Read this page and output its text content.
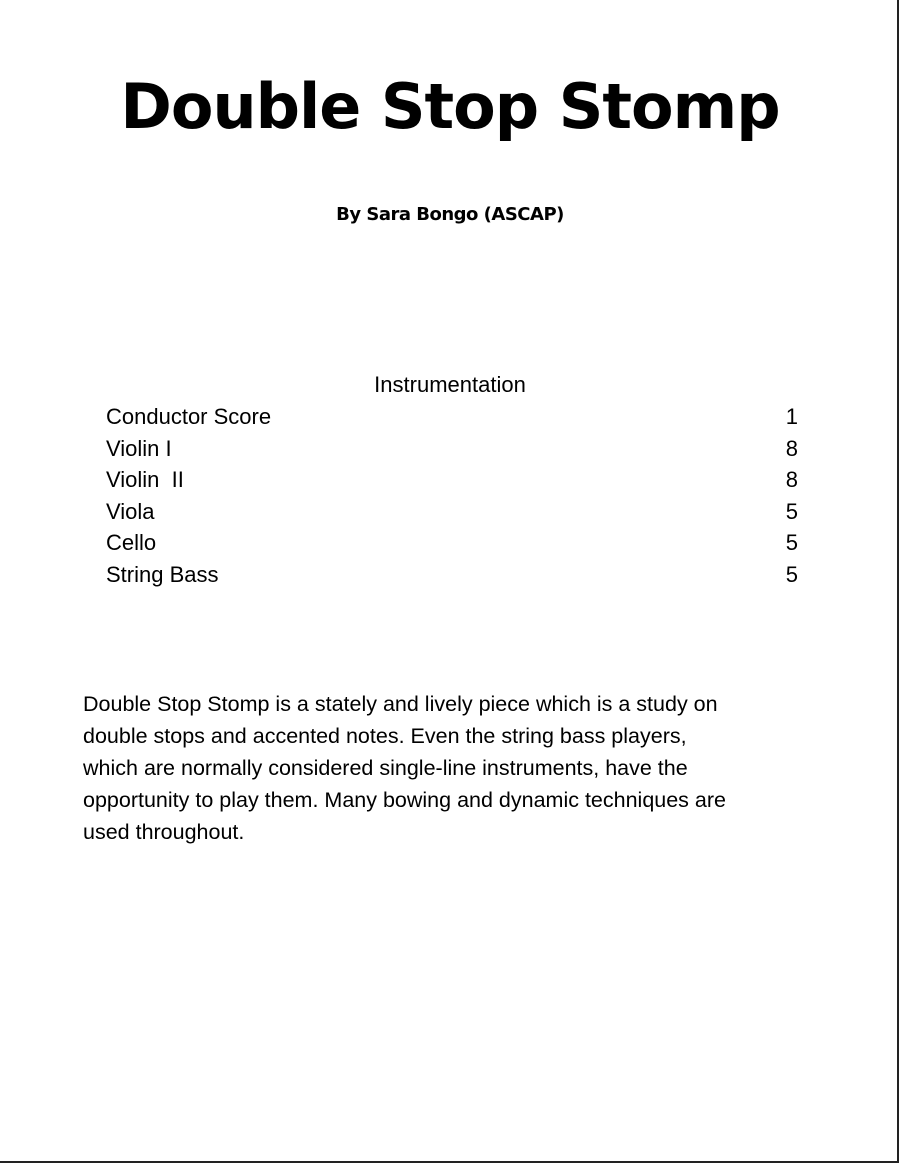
Double Stop Stomp
By Sara Bongo (ASCAP)
Instrumentation
Conductor Score	1
Violin I	8
Violin  II	8
Viola	5
Cello	5
String Bass	5

Double Stop Stomp is a stately and lively piece which is a study on
double stops and accented notes. Even the string bass players,
which are normally considered single-line instruments, have the
opportunity to play them. Many bowing and dynamic techniques are
used throughout.
